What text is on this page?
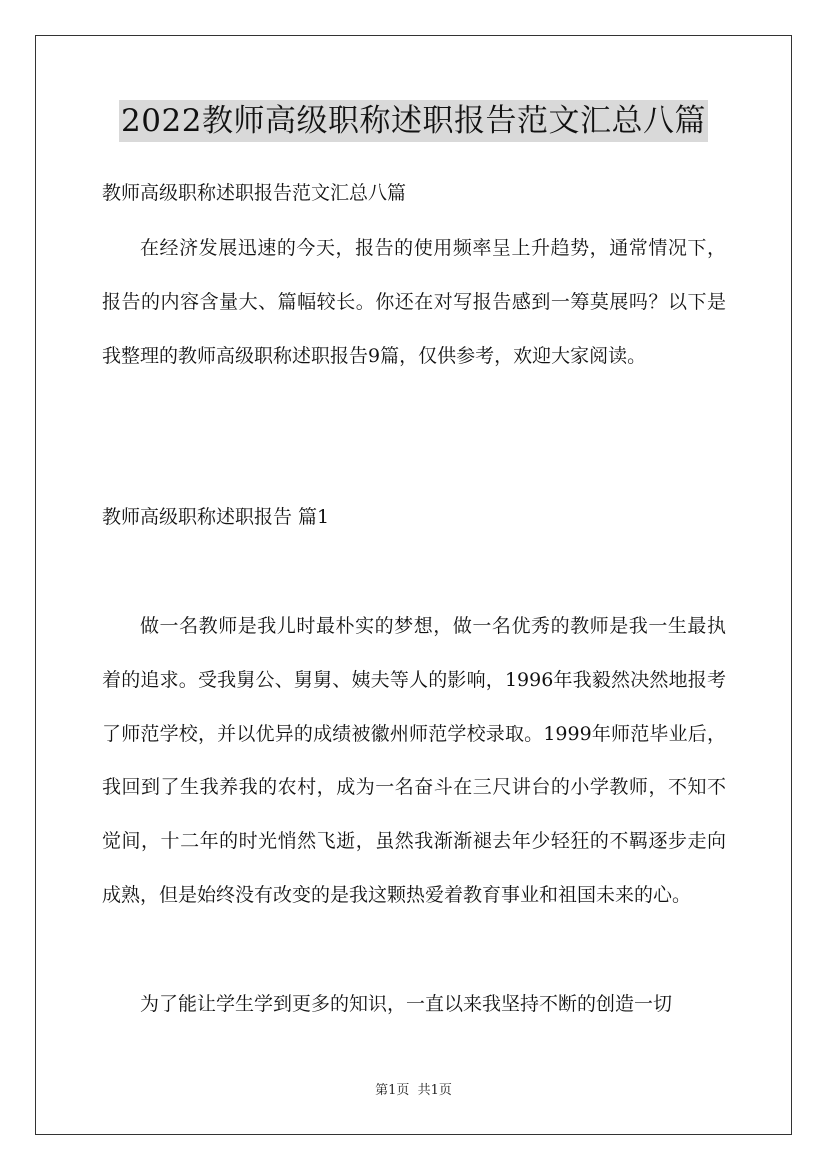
2022教师高级职称述职报告范文汇总八篇
教师高级职称述职报告范文汇总八篇

在经济发展迅速的今天，报告的使用频率呈上升趋势，通常情况下，报告的内容含量大、篇幅较长。你还在对写报告感到一筹莫展吗？以下是我整理的教师高级职称述职报告9篇，仅供参考，欢迎大家阅读。

教师高级职称述职报告 篇1

做一名教师是我儿时最朴实的梦想，做一名优秀的教师是我一生最执着的追求。受我舅公、舅舅、姨夫等人的影响，1996年我毅然决然地报考了师范学校，并以优异的成绩被徽州师范学校录取。1999年师范毕业后，我回到了生我养我的农村，成为一名奋斗在三尺讲台的小学教师，不知不觉间，十二年的时光悄然飞逝，虽然我渐渐褪去年少轻狂的不羁逐步走向成熟，但是始终没有改变的是我这颗热爱着教育事业和祖国未来的心。

为了能让学生学到更多的知识，一直以来我坚持不断的创造一切

第1页  共1页
